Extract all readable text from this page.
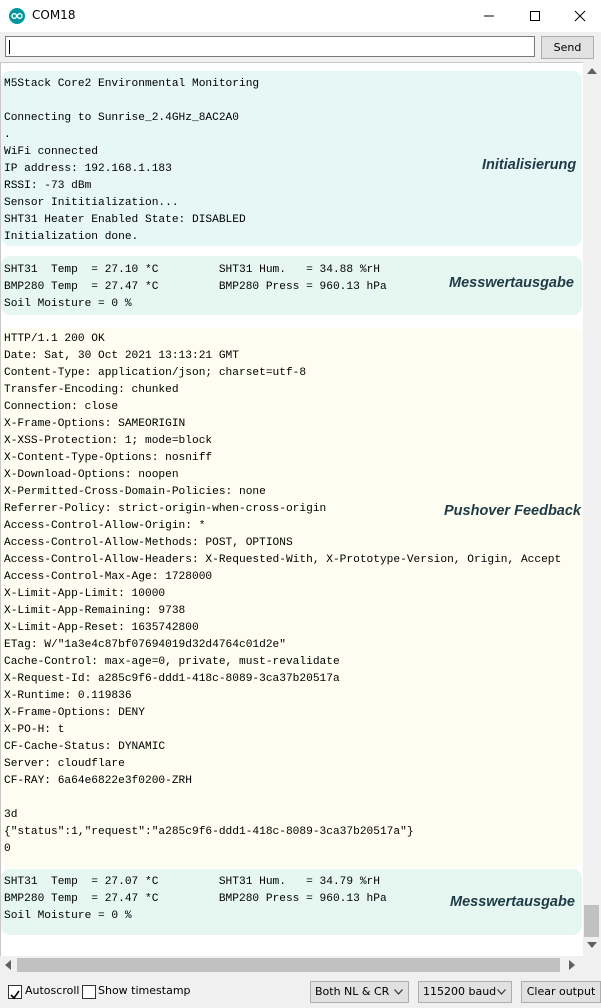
COM18
Send
M5Stack Core2 Environmental Monitoring
Connecting to Sunrise_2.4GHz_8AC2A0
.
WiFi connected
IP address: 192.168.1.183
RSSI: -73 dBm
Sensor Inititialization...
SHT31 Heater Enabled State: DISABLED
Initialization done.
Initialisierung
SHT31  Temp  = 27.10 *C         SHT31 Hum.   = 34.88 %rH
BMP280 Temp  = 27.47 *C         BMP280 Press = 960.13 hPa
Soil Moisture = 0 %
Messwertausgabe
HTTP/1.1 200 OK
Date: Sat, 30 Oct 2021 13:13:21 GMT
Content-Type: application/json; charset=utf-8
Transfer-Encoding: chunked
Connection: close
X-Frame-Options: SAMEORIGIN
X-XSS-Protection: 1; mode=block
X-Content-Type-Options: nosniff
X-Download-Options: noopen
X-Permitted-Cross-Domain-Policies: none
Referrer-Policy: strict-origin-when-cross-origin
Access-Control-Allow-Origin: *
Access-Control-Allow-Methods: POST, OPTIONS
Access-Control-Allow-Headers: X-Requested-With, X-Prototype-Version, Origin, Accept
Access-Control-Max-Age: 1728000
X-Limit-App-Limit: 10000
X-Limit-App-Remaining: 9738
X-Limit-App-Reset: 1635742800
ETag: W/"1a3e4c87bf07694019d32d4764c01d2e"
Cache-Control: max-age=0, private, must-revalidate
X-Request-Id: a285c9f6-ddd1-418c-8089-3ca37b20517a
X-Runtime: 0.119836
X-Frame-Options: DENY
X-PO-H: t
CF-Cache-Status: DYNAMIC
Server: cloudflare
CF-RAY: 6a64e6822e3f0200-ZRH
3d
{"status":1,"request":"a285c9f6-ddd1-418c-8089-3ca37b20517a"}
0
Pushover Feedback
SHT31  Temp  = 27.07 *C         SHT31 Hum.   = 34.79 %rH
BMP280 Temp  = 27.47 *C         BMP280 Press = 960.13 hPa
Soil Moisture = 0 %
Messwertausgabe
Autoscroll Show timestamp	Both NL & CR	115200 baud	Clear output
